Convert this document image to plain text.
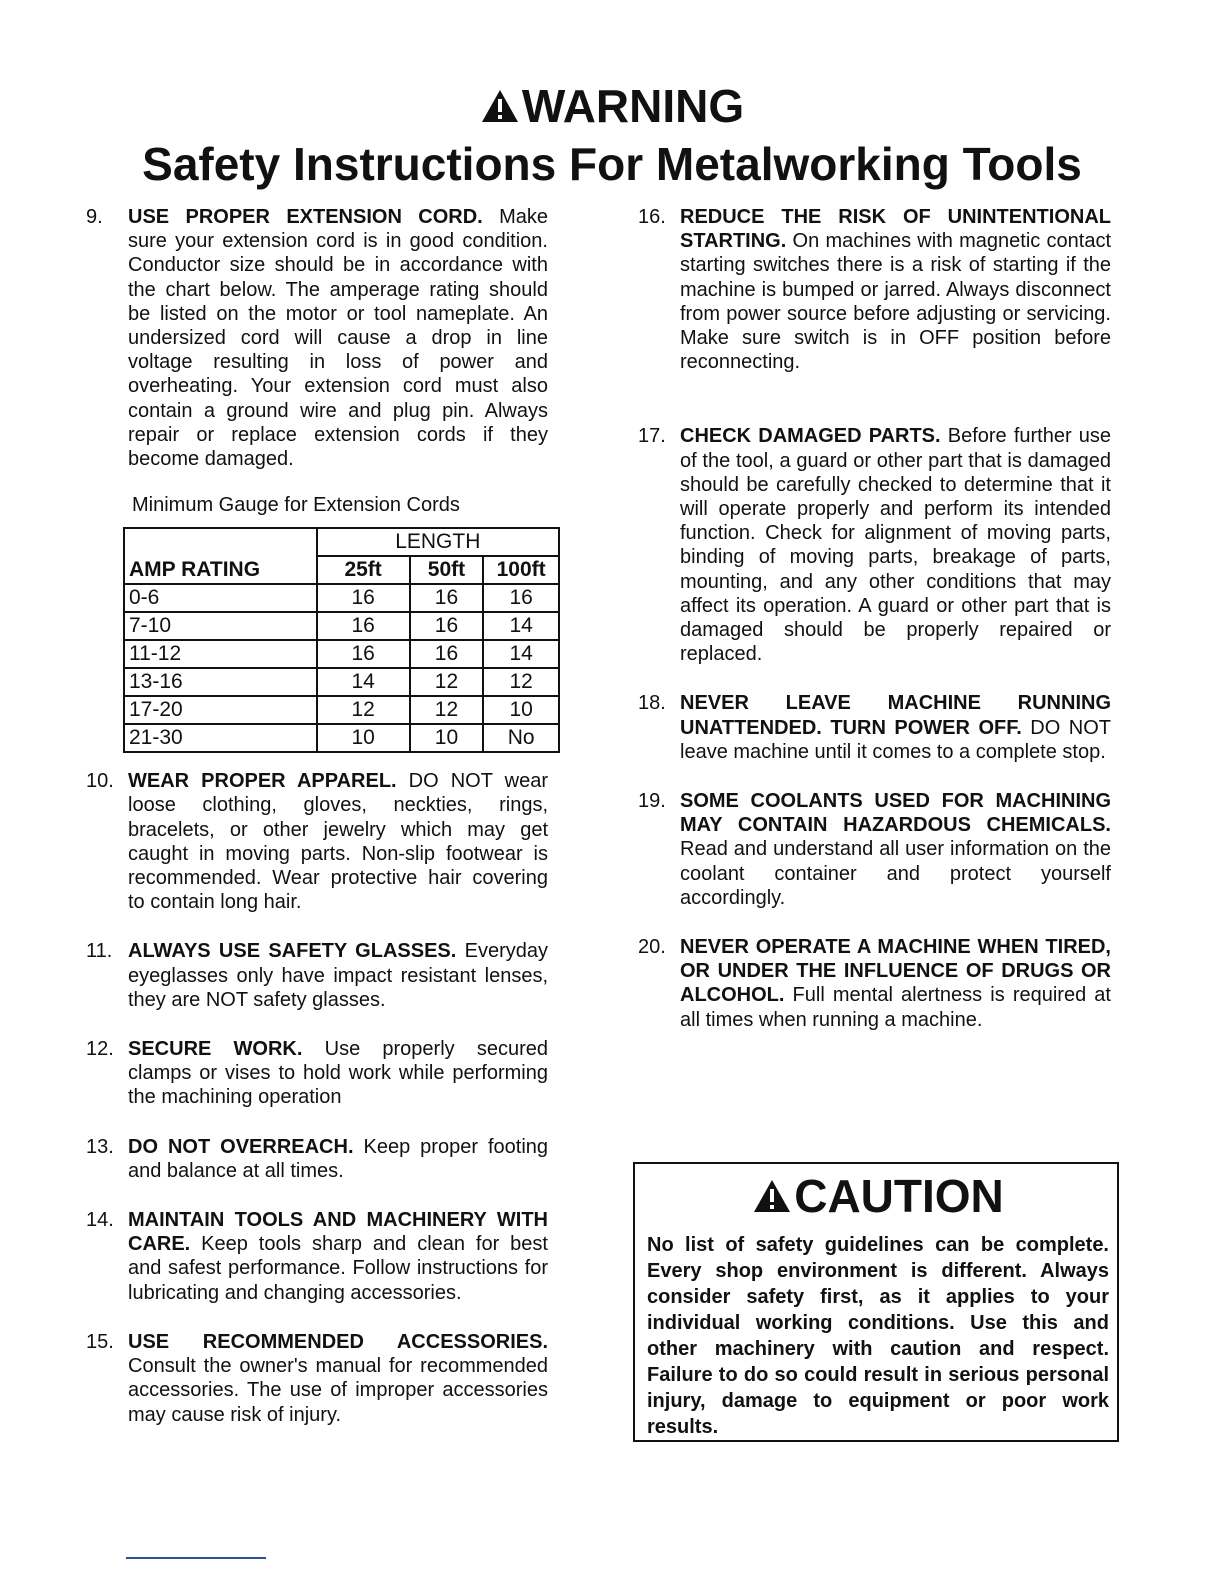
WARNING
Safety Instructions For Metalworking Tools
9.	USE PROPER EXTENSION CORD. Make sure your extension cord is in good condition. Conductor size should be in accordance with the chart below. The amperage rating should be listed on the motor or tool nameplate. An undersized cord will cause a drop in line voltage resulting in loss of power and overheating. Your extension cord must also contain a ground wire and plug pin. Always repair or replace extension cords if they become damaged.
Minimum Gauge for Extension Cords
	LENGTH		
AMP RATING	25ft	50ft	100ft
0-6	16	16	16
7-10	16	16	14
11-12	16	16	14
13-16	14	12	12
17-20	12	12	10
21-30	10	10	No
10. WEAR PROPER APPAREL. DO NOT wear loose clothing, gloves, neckties, rings, bracelets, or other jewelry which may get caught in moving parts. Non-slip footwear is recommended. Wear protective hair covering to contain long hair.
11. ALWAYS USE SAFETY GLASSES. Everyday eyeglasses only have impact resistant lenses, they are NOT safety glasses.
12. SECURE WORK. Use properly secured clamps or vises to hold work while performing the machining operation
13. DO NOT OVERREACH. Keep proper footing and balance at all times.
14. MAINTAIN TOOLS AND MACHINERY WITH CARE. Keep tools sharp and clean for best and safest performance. Follow instructions for lubricating and changing accessories.
15. USE RECOMMENDED ACCESSORIES. Consult the owner's manual for recommended accessories. The use of improper accessories may cause risk of injury.
16. REDUCE THE RISK OF UNINTENTIONAL STARTING. On machines with magnetic contact starting switches there is a risk of starting if the machine is bumped or jarred. Always disconnect from power source before adjusting or servicing. Make sure switch is in OFF position before reconnecting.
17. CHECK DAMAGED PARTS. Before further use of the tool, a guard or other part that is damaged should be carefully checked to determine that it will operate properly and perform its intended function. Check for alignment of moving parts, binding of moving parts, breakage of parts, mounting, and any other conditions that may affect its operation. A guard or other part that is damaged should be properly repaired or replaced.
18. NEVER LEAVE MACHINE RUNNING UNATTENDED. TURN POWER OFF. DO NOT leave machine until it comes to a complete stop.
19. SOME COOLANTS USED FOR MACHINING MAY CONTAIN HAZARDOUS CHEMICALS. Read and understand all user information on the coolant container and protect yourself accordingly.
20. NEVER OPERATE A MACHINE WHEN TIRED, OR UNDER THE INFLUENCE OF DRUGS OR ALCOHOL. Full mental alertness is required at all times when running a machine.
CAUTION
No list of safety guidelines can be complete. Every shop environment is different. Always consider safety first, as it applies to your individual working conditions. Use this and other machinery with caution and respect. Failure to do so could result in serious personal injury, damage to equipment or poor work results.
